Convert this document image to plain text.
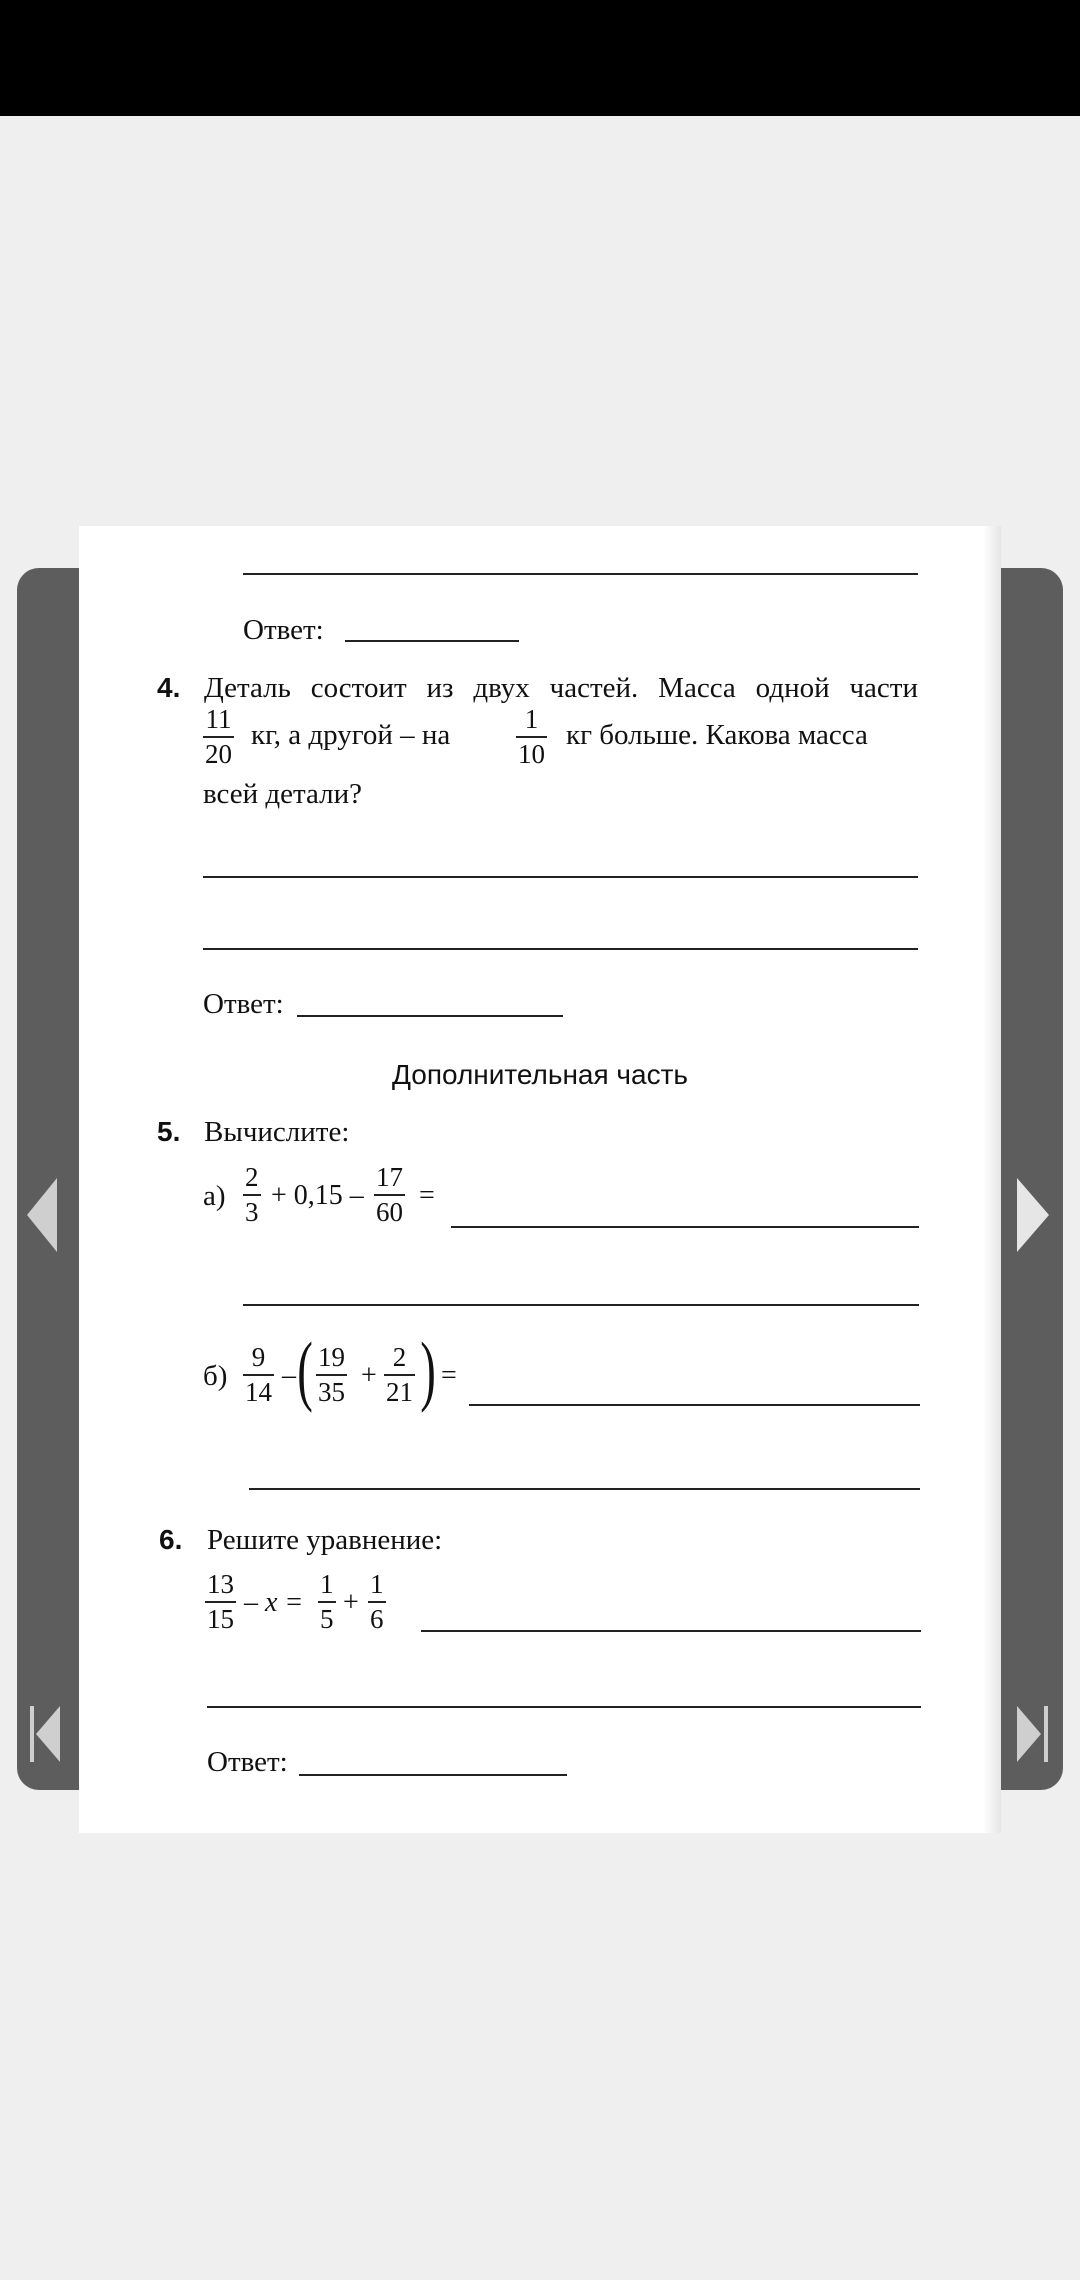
Ответ:
4. Деталь состоит из двух частей. Масса одной части
11
20
кг, а другой – на	1
10
кг больше. Какова масса
всей детали?
Ответ:
Дополнительная часть
5. Вычислите:
а)
2
3
+ 0,15 –
17
60
=
б)
9
14
– ( 19
35
+
2
21 ) =
6. Решите уравнение:
13
15
– x =
1
5
+
1
6
Ответ:
